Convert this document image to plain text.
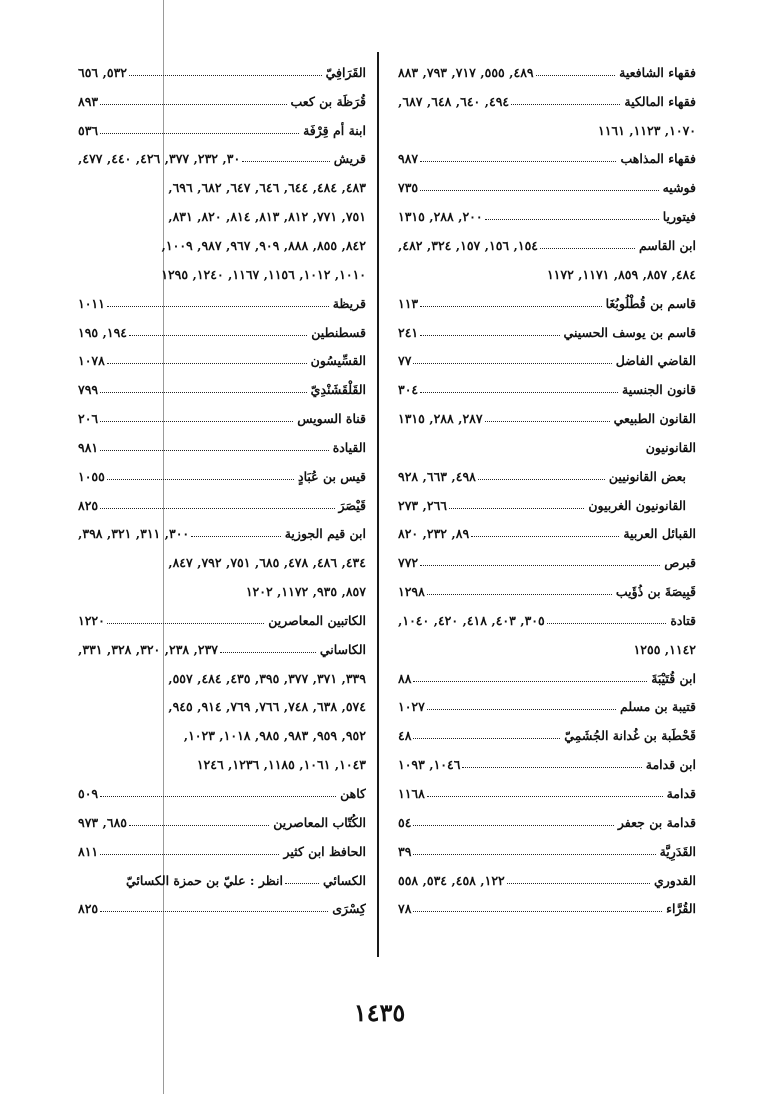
فقهاء الشافعية
٤٨٩, ٥٥٥, ٧١٧, ٧٩٣, ٨٨٣
فقهاء المالكية
٤٩٤, ٦٤٠, ٦٤٨, ٦٨٧,
١٠٧٠, ١١٢٣, ١١٦١
فقهاء المذاهب
٩٨٧
فوشيه
٧٣٥
فيتوريا
٢٠٠, ٢٨٨, ١٣١٥
ابن القاسم
١٥٤, ١٥٦, ١٥٧, ٣٢٤, ٤٨٢,
٤٨٤, ٨٥٧, ٨٥٩, ١١٧١, ١١٧٢
قاسم بن قُطْلُوبُغَا
١١٣
قاسم بن يوسف الحسيني
٢٤١
القاضي الفاضل
٧٧
قانون الجنسية
٣٠٤
القانون الطبيعي
٢٨٧, ٢٨٨, ١٣١٥
القانونيون
بعض القانونيين
٤٩٨, ٦٦٣, ٩٢٨
القانونيون الغربيون
٢٦٦, ٢٧٣
القبائل العربية
٨٩, ٢٣٢, ٨٢٠
قبرص
٧٧٢
قَبِيصَةَ بن ذُؤَيب
١٢٩٨
قتادة
٣٠٥, ٤٠٣, ٤١٨, ٤٢٠, ١٠٤٠,
١١٤٢, ١٢٥٥
ابن قُتَيْبَةَ
٨٨
قتيبة بن مسلم
١٠٢٧
قَحْطَبة بن غُدانة الجُشَمِيّ
٤٨
ابن قدامة
١٠٤٦, ١٠٩٣
قدامة
١١٦٨
قدامة بن جعفر
٥٤
القَدَرِيَّة
٣٩
القدوري
١٢٢, ٤٥٨, ٥٣٤, ٥٥٨
القُرَّاء
٧٨
القَرَافِيّ
٥٣٢, ٦٥٦
قُرَظَة بن كعب
٨٩٣
ابنة أم قِرْفَة
٥٣٦
قريش
٣٠, ٢٣٢, ٣٧٧, ٤٢٦, ٤٤٠, ٤٧٧,
٤٨٣, ٤٨٤, ٦٤٤, ٦٤٦, ٦٤٧, ٦٨٢, ٦٩٦,
٧٥١, ٧٧١, ٨١٢, ٨١٣, ٨١٤, ٨٢٠, ٨٣١,
٨٤٢, ٨٥٥, ٨٨٨, ٩٠٩, ٩٦٧, ٩٨٧, ١٠٠٩,
١٠١٠, ١٠١٢, ١١٥٦, ١١٦٧, ١٢٤٠, ١٢٩٥
قريظة
١٠١١
قسطنطين
١٩٤, ١٩٥
القسِّيسُون
١٠٧٨
القَلْقَشَنْدِيّ
٧٩٩
قناة السويس
٢٠٦
القيادة
٩٨١
قيس بن عُبَادٍ
١٠٥٥
قَيْصَرَ
٨٢٥
ابن قيم الجوزية
٣٠٠, ٣١١, ٣٢١, ٣٩٨,
٤٣٤, ٤٨٦, ٤٧٨, ٦٨٥, ٧٥١, ٧٩٢, ٨٤٧,
٨٥٧, ٩٣٥, ١١٧٢, ١٢٠٢
الكاتبين المعاصرين
١٢٢٠
الكاساني
٢٣٧, ٢٣٨, ٣٢٠, ٣٢٨, ٣٣١,
٣٣٩, ٣٧١, ٣٧٧, ٣٩٥, ٤٣٥, ٤٨٤, ٥٥٧,
٥٧٤, ٦٣٨, ٧٤٨, ٧٦٦, ٧٦٩, ٩١٤, ٩٤٥,
٩٥٢, ٩٥٩, ٩٨٣, ٩٨٥, ١٠١٨, ١٠٢٣,
١٠٤٣, ١٠٦١, ١١٨٥, ١٢٣٦, ١٢٤٦
كاهن
٥٠٩
الكُتّاب المعاصرين
٦٨٥, ٩٧٣
الحافظ ابن كثير
٨١١
الكسائي
انظر : عليّ بن حمزة الكسائيّ
كِسْرَى
٨٢٥
١٤٣٥
